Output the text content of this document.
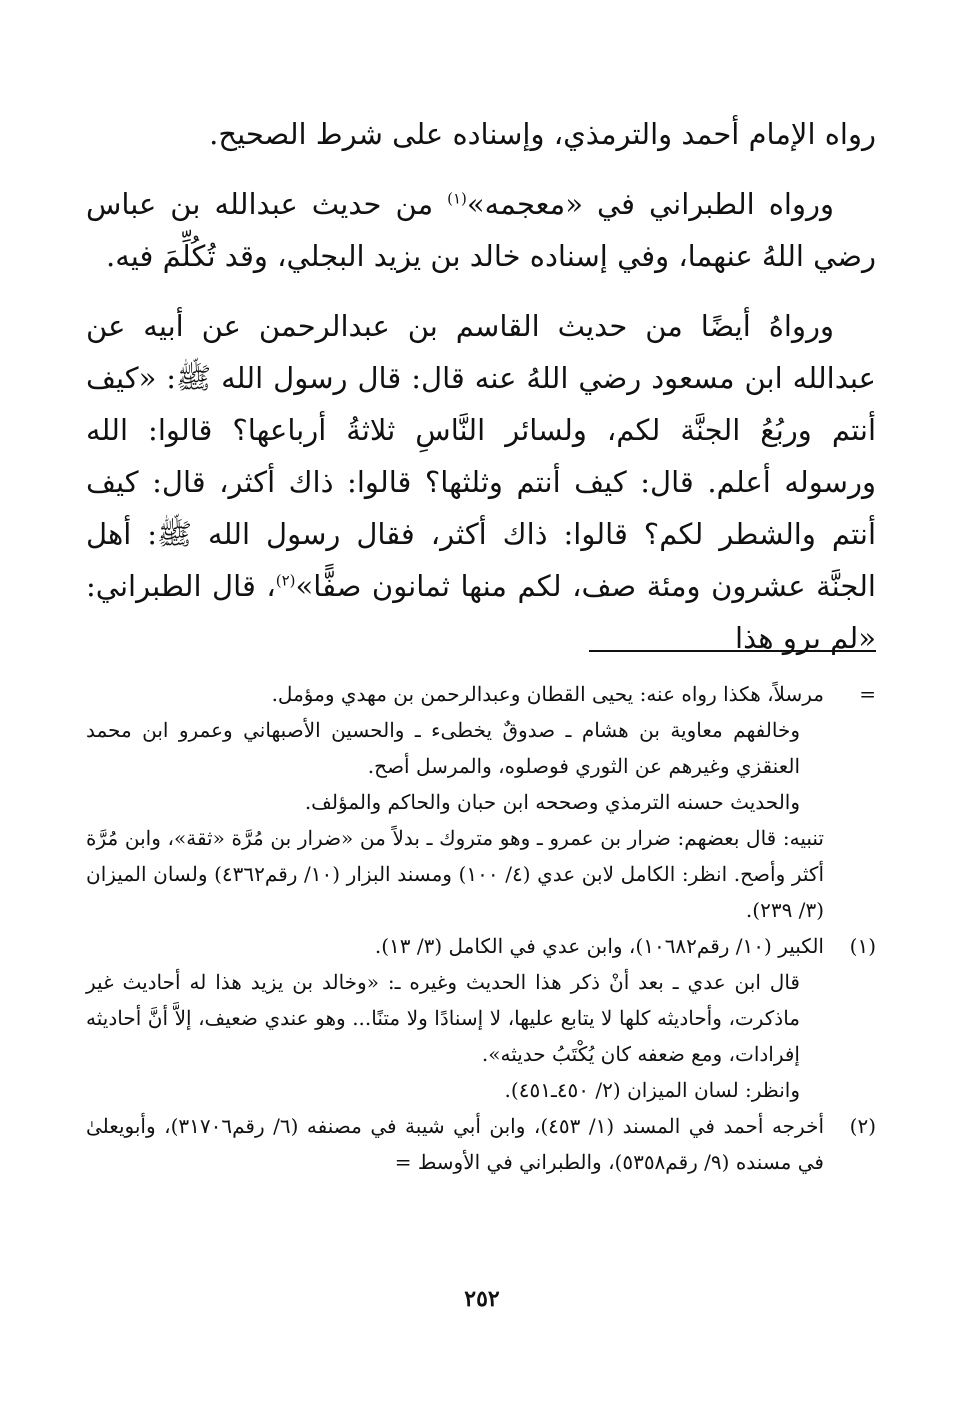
رواه الإمام أحمد والترمذي، وإسناده على شرط الصحيح.

ورواه الطبراني في «معجمه»$^{(١)}$ من حديث عبدالله بن عباس رضي اللهُ عنهما، وفي إسناده خالد بن يزيد البجلي، وقد تُكُلِّمَ فيه.

ورواهُ أيضًا من حديث القاسم بن عبدالرحمن عن أبيه عن عبدالله ابن مسعود رضي اللهُ عنه قال: قال رسول الله ﷺ: «كيف أنتم وربُعُ الجنَّة لكم، ولسائر النَّاسِ ثلاثةُ أرباعها؟ قالوا: الله ورسوله أعلم. قال: كيف أنتم وثلثها؟ قالوا: ذاك أكثر، قال: كيف أنتم والشطر لكم؟ قالوا: ذاك أكثر، فقال رسول الله ﷺ: أهل الجنَّة عشرون ومئة صف، لكم منها ثمانون صفًّا»$^{(٢)}$، قال الطبراني: «لم يرو هذا

=
مرسلاً، هكذا رواه عنه: يحيى القطان وعبدالرحمن بن مهدي ومؤمل.
وخالفهم معاوية بن هشام ـ صدوقٌ يخطىء ـ والحسين الأصبهاني وعمرو ابن محمد العنقزي وغيرهم عن الثوري فوصلوه، والمرسل أصح.
والحديث حسنه الترمذي وصححه ابن حبان والحاكم والمؤلف.
تنبيه: قال بعضهم: ضرار بن عمرو ـ وهو متروك ـ بدلاً من «ضرار بن مُرَّة «ثقة»، وابن مُرَّة أكثر وأصح. انظر: الكامل لابن عدي (٤/ ١٠٠) ومسند البزار (١٠/ رقم٤٣٦٢) ولسان الميزان (٣/ ٢٣٩).
(١)
الكبير (١٠/ رقم١٠٦٨٢)، وابن عدي في الكامل (٣/ ١٣).
قال ابن عدي ـ بعد أنْ ذكر هذا الحديث وغيره ـ: «وخالد بن يزيد هذا له أحاديث غير ماذكرت، وأحاديثه كلها لا يتابع عليها، لا إسنادًا ولا متنًا... وهو عندي ضعيف، إلاَّ أنَّ أحاديثه إفرادات، ومع ضعفه كان يُكْتَبُ حديثه».
وانظر: لسان الميزان (٢/ ٤٥٠ـ٤٥١).
(٢)
أخرجه أحمد في المسند (١/ ٤٥٣)، وابن أبي شيبة في مصنفه (٦/ رقم٣١٧٠٦)، وأبويعلىٰ في مسنده (٩/ رقم٥٣٥٨)، والطبراني في الأوسط =
٢٥٢
